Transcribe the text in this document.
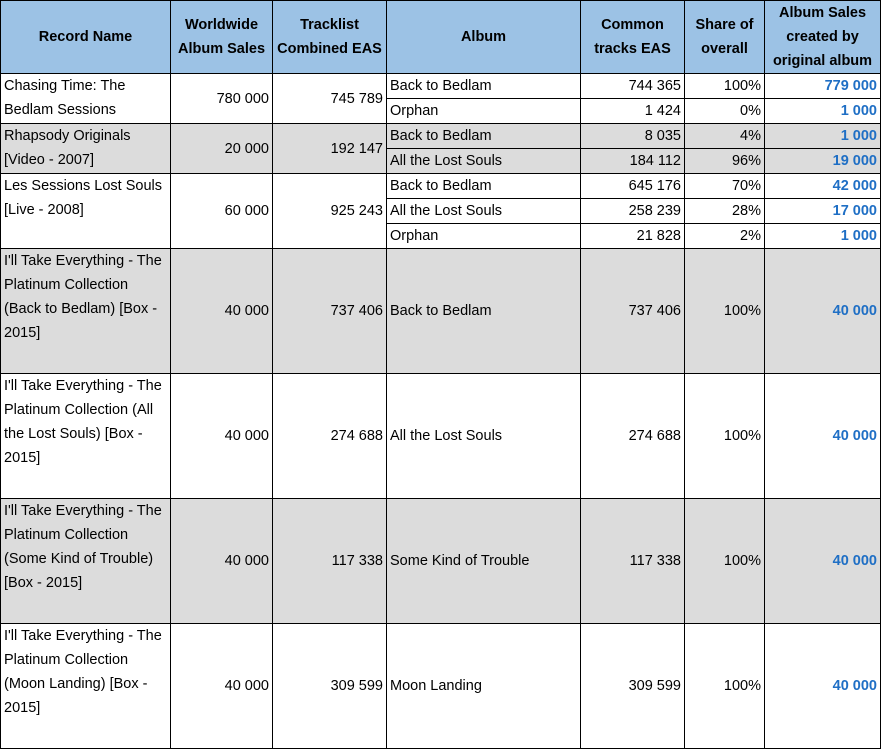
Record Name	Worldwide Album Sales	Tracklist Combined EAS	Album	Common tracks EAS	Share of overall	Album Sales created by original album
Chasing Time: The Bedlam Sessions	780 000	745 789	Back to Bedlam	744 365	100%	779 000
			Orphan	1 424	0%	1 000
Rhapsody Originals [Video - 2007]	20 000	192 147	Back to Bedlam	8 035	4%	1 000
			All the Lost Souls	184 112	96%	19 000
Les Sessions Lost Souls [Live - 2008]	60 000	925 243	Back to Bedlam	645 176	70%	42 000
			All the Lost Souls	258 239	28%	17 000
			Orphan	21 828	2%	1 000
I'll Take Everything - The Platinum Collection (Back to Bedlam) [Box - 2015]	40 000	737 406	Back to Bedlam	737 406	100%	40 000
I'll Take Everything - The Platinum Collection (All the Lost Souls) [Box - 2015]	40 000	274 688	All the Lost Souls	274 688	100%	40 000
I'll Take Everything - The Platinum Collection (Some Kind of Trouble) [Box - 2015]	40 000	117 338	Some Kind of Trouble	117 338	100%	40 000
I'll Take Everything - The Platinum Collection (Moon Landing) [Box - 2015]	40 000	309 599	Moon Landing	309 599	100%	40 000
